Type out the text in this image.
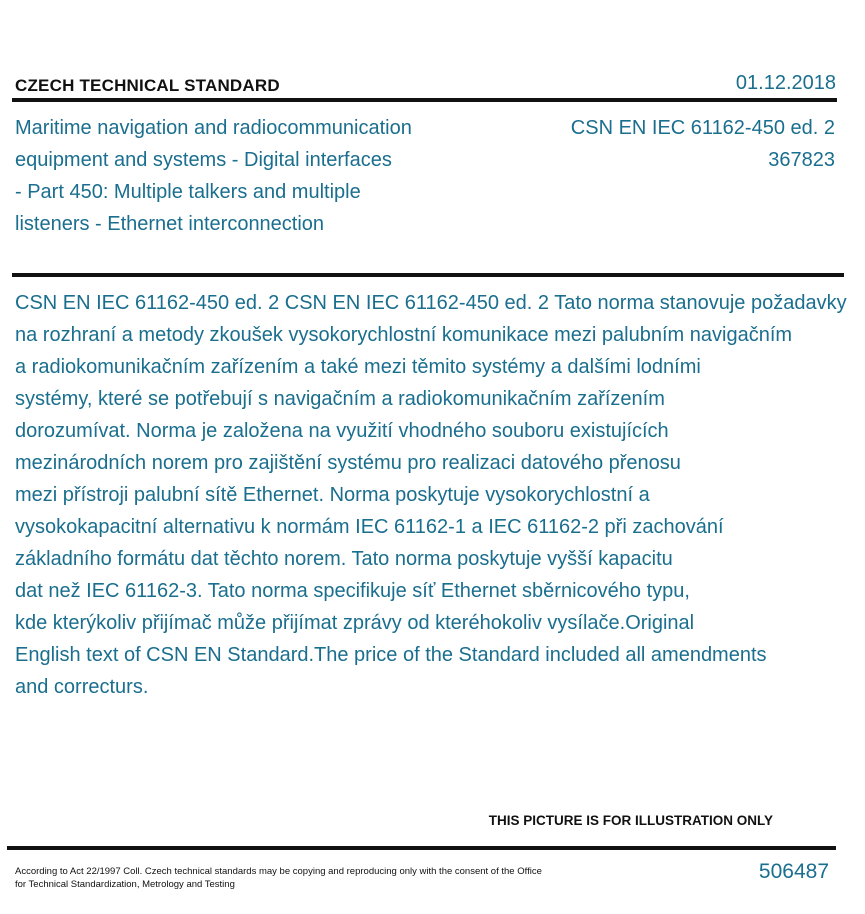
CZECH TECHNICAL STANDARD	01.12.2018
Maritime navigation and radiocommunication
equipment and systems - Digital interfaces
- Part 450: Multiple talkers and multiple
listeners - Ethernet interconnection
CSN EN IEC 61162-450 ed. 2
367823
CSN EN IEC 61162-450 ed. 2 CSN EN IEC 61162-450 ed. 2 Tato norma stanovuje požadavky
na rozhraní a metody zkoušek vysokorychlostní komunikace mezi palubním navigačním
a radiokomunikačním zařízením a také mezi těmito systémy a dalšími lodními
systémy, které se potřebují s navigačním a radiokomunikačním zařízením
dorozumívat. Norma je založena na využití vhodného souboru existujících
mezinárodních norem pro zajištění systému pro realizaci datového přenosu
mezi přístroji palubní sítě Ethernet. Norma poskytuje vysokorychlostní a
vysokokapacitní alternativu k normám IEC 61162-1 a IEC 61162-2 při zachování
základního formátu dat těchto norem. Tato norma poskytuje vyšší kapacitu
dat než IEC 61162-3. Tato norma specifikuje síť Ethernet sběrnicového typu,
kde kterýkoliv přijímač může přijímat zprávy od kteréhokoliv vysílače.Original
English text of CSN EN Standard.The price of the Standard included all amendments
and correcturs.
THIS PICTURE IS FOR ILLUSTRATION ONLY
According to Act 22/1997 Coll. Czech technical standards may be copying and reproducing only with the consent of the Office
for Technical Standardization, Metrology and Testing
506487
